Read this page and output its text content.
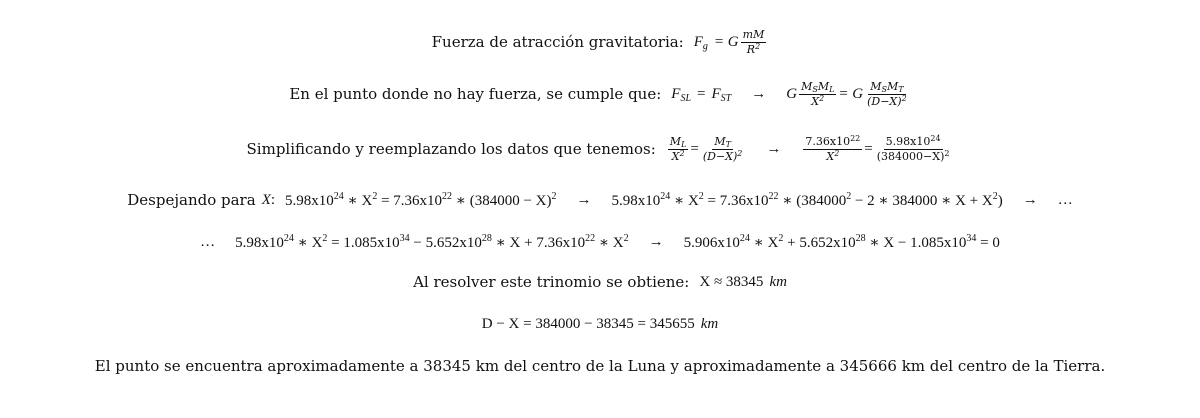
Fuerza de atracción gravitatoria: $F_g = G \frac{mM}{R^2}$
En el punto donde no hay fuerza, se cumple que: $F_{SL} = F_{ST} \to G \frac{M_SM_L}{X^2} = G \frac{M_SM_T}{(D-X)^2}$
Simplificando y reemplazando los datos que tenemos: $\frac{M_L}{X^2} = \frac{M_T}{(D-X)^2} \to \frac{7.36x10^{22}}{X^2} = \frac{5.98x10^{24}}{(384000-X)^2}$
Despejando para X : $5.98x10^{24}$ ∗ $X^2 = 7.36x10^{22}$ ∗ $(384000 - X)^2 \to 5.98x10^{24}$ ∗ $X^2 = 7.36x10^{22}$ ∗ ($384000^2 - 2$ ∗ 384000 ∗ $X + X^2$) → …
… $5.98x10^{24}$ ∗ $X^2 = 1.085x10^{34} - 5.652x10^{28}$ ∗ $X + 7.36x10^{22}$ ∗ $X^2 \to 5.906x10^{24}$ ∗ $X^2 + 5.652x10^{28}$ ∗ $X - 1.085x10^{34} = 0$
Al resolver este trinomio se obtiene: X ≈ 38345 km
D − X = 384000 − 38345 = 345655 km
El punto se encuentra aproximadamente a 38345 km del centro de la Luna y aproximadamente a 345666 km del centro de la Tierra.
